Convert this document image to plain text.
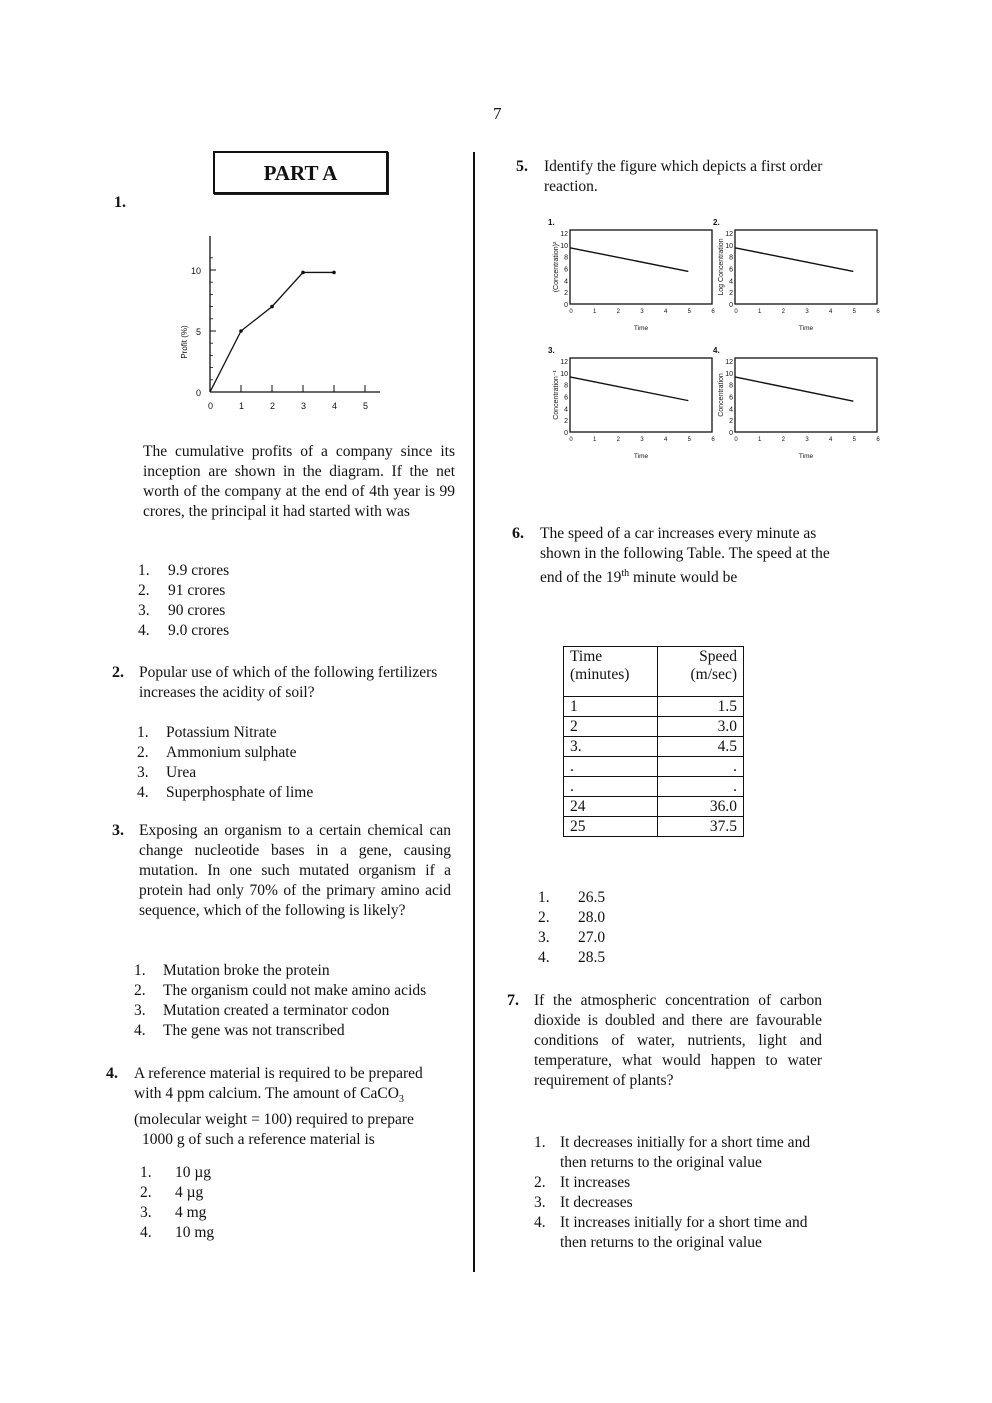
7
PART A
1.
0	1	2	3	4	5
0
5
10
Profit (%)
The cumulative profits of a company since its inception are shown in the diagram. If the net worth of the company at the end of 4th year is 99 crores, the principal it had started with was
1.	9.9 crores
2.	91 crores
3.	90 crores
4.	9.0 crores
2. Popular use of which of the following fertilizers increases the acidity of soil?
1.	Potassium Nitrate
2.	Ammonium sulphate
3.	Urea
4.	Superphosphate of lime
3. Exposing an organism to a certain chemical can change nucleotide bases in a gene, causing mutation. In one such mutated organism if a protein had only 70% of the primary amino acid sequence, which of the following is likely?
1.	Mutation broke the protein
2.	The organism could not make amino acids
3.	Mutation created a terminator codon
4.	The gene was not transcribed
4. A reference material is required to be prepared
with 4 ppm calcium. The amount of CaCO$_3$
(molecular weight = 100) required to prepare
1000 g of such a reference material is
1.	10 µg
2.	4 µg
3.	4 mg
4.	10 mg
5. Identify the figure which depicts a first order reaction.
1.
0
2
4
6
8
10
12
0	1	2	3	4	5	6
Time
(Concentration)²
2.
0
2
4
6
8
10
12
0	1	2	3	4	5	6
Time
Log Concentration
3.
0
2
4
6
8
10
12
0	1	2	3	4	5	6
Time
Concentration⁻¹
4.
0
2
4
6
8
10
12
0	1	2	3	4	5	6
Time
Concentration
6. The speed of a car increases every minute as shown in the following Table. The speed at the end of the 19th minute would be
Time
(minutes)

Speed
(m/sec)

1	1.5
2	3.0
3.	4.5
.	.
.	.
24	36.0
25	37.5
1.	26.5
2.	28.0
3.	27.0
4.	28.5
7. If the atmospheric concentration of carbon dioxide is doubled and there are favourable conditions of water, nutrients, light and temperature, what would happen to water requirement of plants?
1. It decreases initially for a short time and then returns to the original value
2. It increases
3. It decreases
4. It increases initially for a short time and then returns to the original value
